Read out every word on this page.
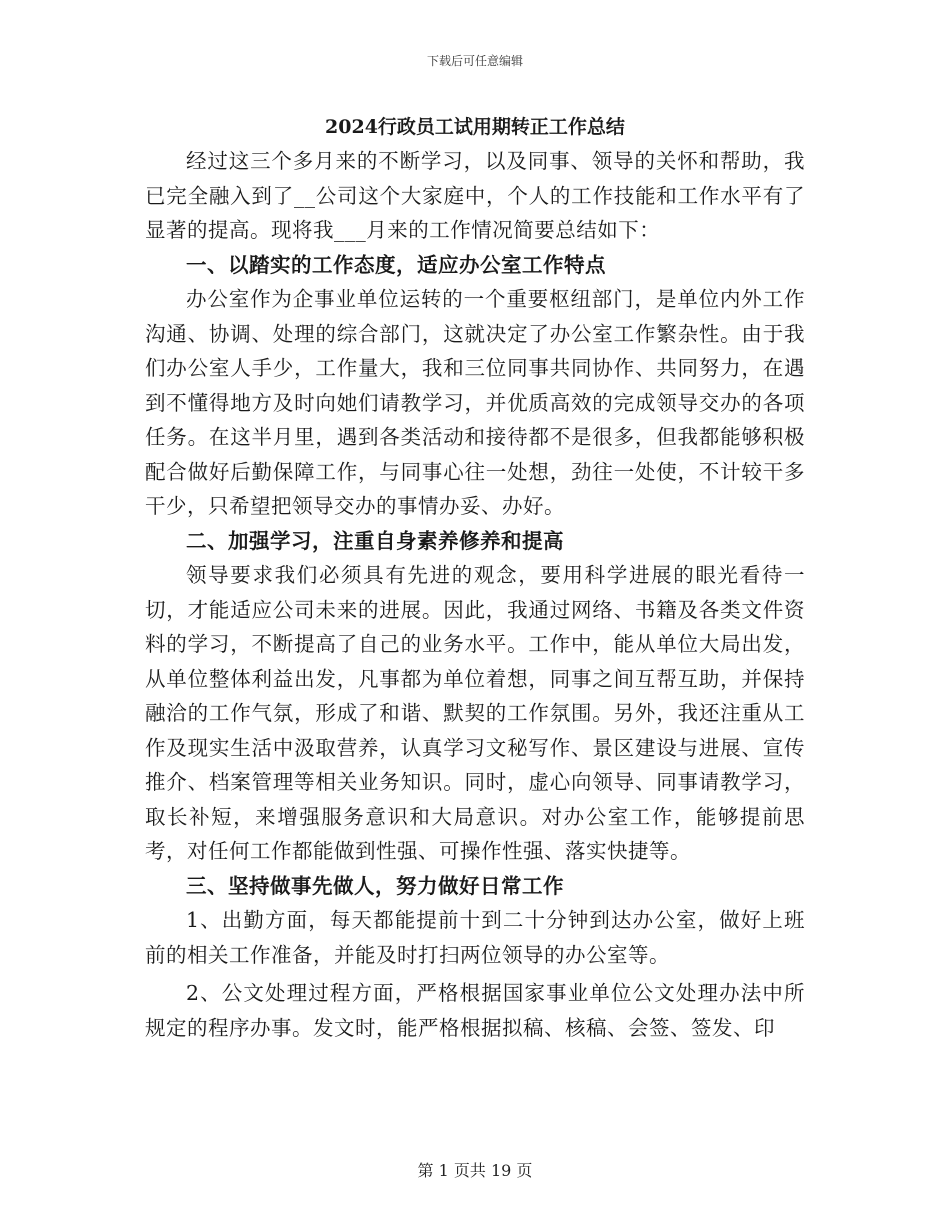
下载后可任意编辑
2024行政员工试用期转正工作总结

经过这三个多月来的不断学习，以及同事、领导的关怀和帮助，我已完全融入到了__公司这个大家庭中，个人的工作技能和工作水平有了显著的提高。现将我___月来的工作情况简要总结如下：

一、以踏实的工作态度，适应办公室工作特点

办公室作为企事业单位运转的一个重要枢纽部门，是单位内外工作沟通、协调、处理的综合部门，这就决定了办公室工作繁杂性。由于我们办公室人手少，工作量大，我和三位同事共同协作、共同努力，在遇到不懂得地方及时向她们请教学习，并优质高效的完成领导交办的各项任务。在这半月里，遇到各类活动和接待都不是很多，但我都能够积极配合做好后勤保障工作，与同事心往一处想，劲往一处使，不计较干多干少，只希望把领导交办的事情办妥、办好。

二、加强学习，注重自身素养修养和提高

领导要求我们必须具有先进的观念，要用科学进展的眼光看待一切，才能适应公司未来的进展。因此，我通过网络、书籍及各类文件资料的学习，不断提高了自己的业务水平。工作中，能从单位大局出发，从单位整体利益出发，凡事都为单位着想，同事之间互帮互助，并保持融洽的工作气氛，形成了和谐、默契的工作氛围。另外，我还注重从工作及现实生活中汲取营养，认真学习文秘写作、景区建设与进展、宣传推介、档案管理等相关业务知识。同时，虚心向领导、同事请教学习，取长补短，来增强服务意识和大局意识。对办公室工作，能够提前思考，对任何工作都能做到性强、可操作性强、落实快捷等。

三、坚持做事先做人，努力做好日常工作

1、出勤方面，每天都能提前十到二十分钟到达办公室，做好上班前的相关工作准备，并能及时打扫两位领导的办公室等。

2、公文处理过程方面，严格根据国家事业单位公文处理办法中所规定的程序办事。发文时，能严格根据拟稿、核稿、会签、签发、印

第 1 页共 19 页
